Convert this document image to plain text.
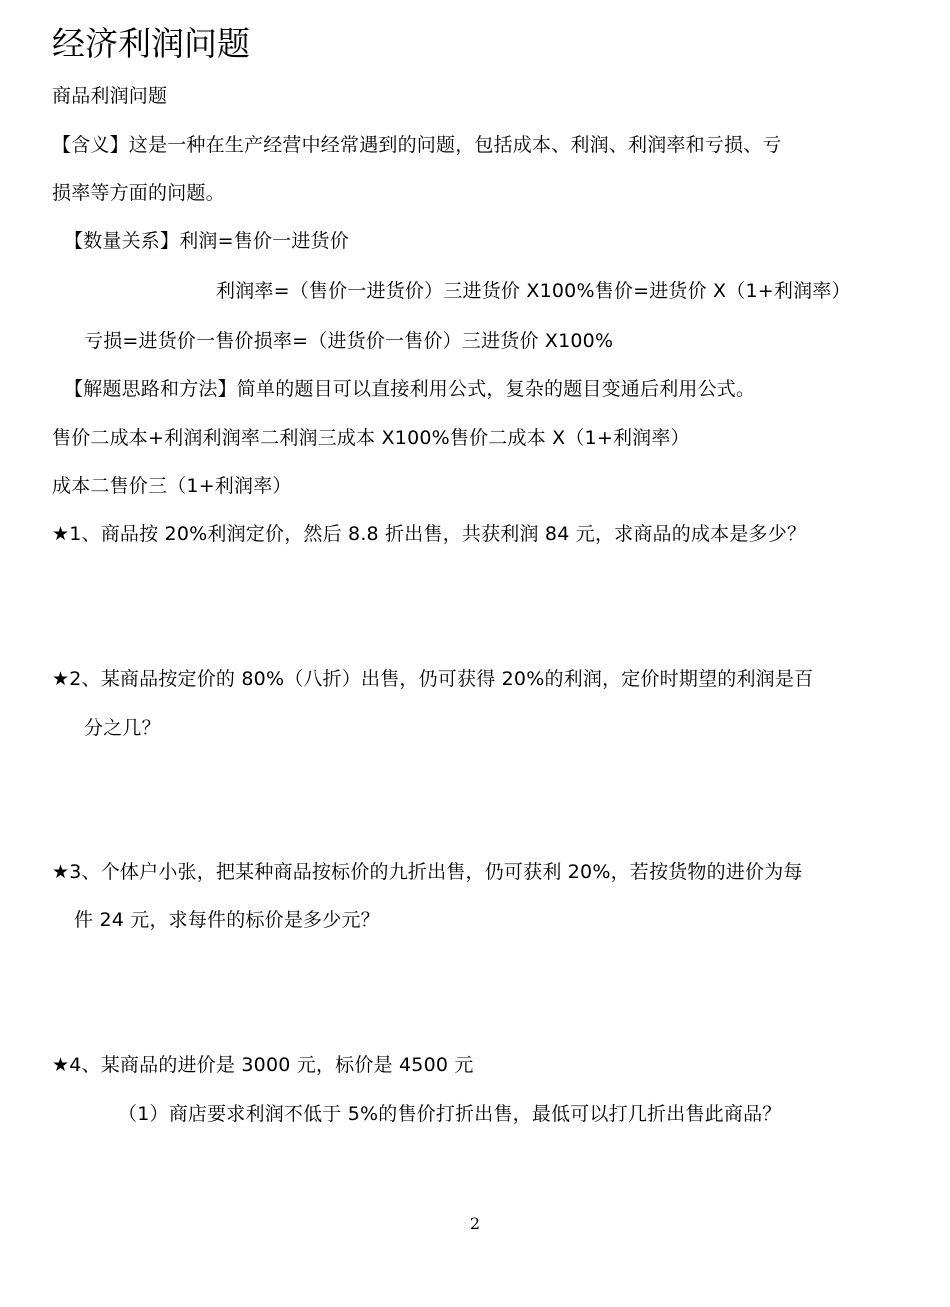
经济利润问题
商品利润问题
【含义】这是一种在生产经营中经常遇到的问题，包括成本、利润、利润率和亏损、亏
损率等方面的问题。
【数量关系】利润=售价一进货价
利润率=（售价一进货价）三进货价 X100%售价=进货价 X（1+利润率）
亏损=进货价一售价损率=（进货价一售价）三进货价 X100%
【解题思路和方法】简单的题目可以直接利用公式，复杂的题目变通后利用公式。
售价二成本+利润利润率二利润三成本 X100%售价二成本 X（1+利润率）
成本二售价三（1+利润率）
★1、商品按 20%利润定价，然后 8.8 折出售，共获利润 84 元，求商品的成本是多少？
★2、某商品按定价的 80%（八折）出售，仍可获得 20%的利润，定价时期望的利润是百
分之几？
★3、个体户小张，把某种商品按标价的九折出售，仍可获利 20%，若按货物的进价为每
件 24 元，求每件的标价是多少元？
★4、某商品的进价是 3000 元，标价是 4500 元
（1）商店要求利润不低于 5%的售价打折出售，最低可以打几折出售此商品？
2
